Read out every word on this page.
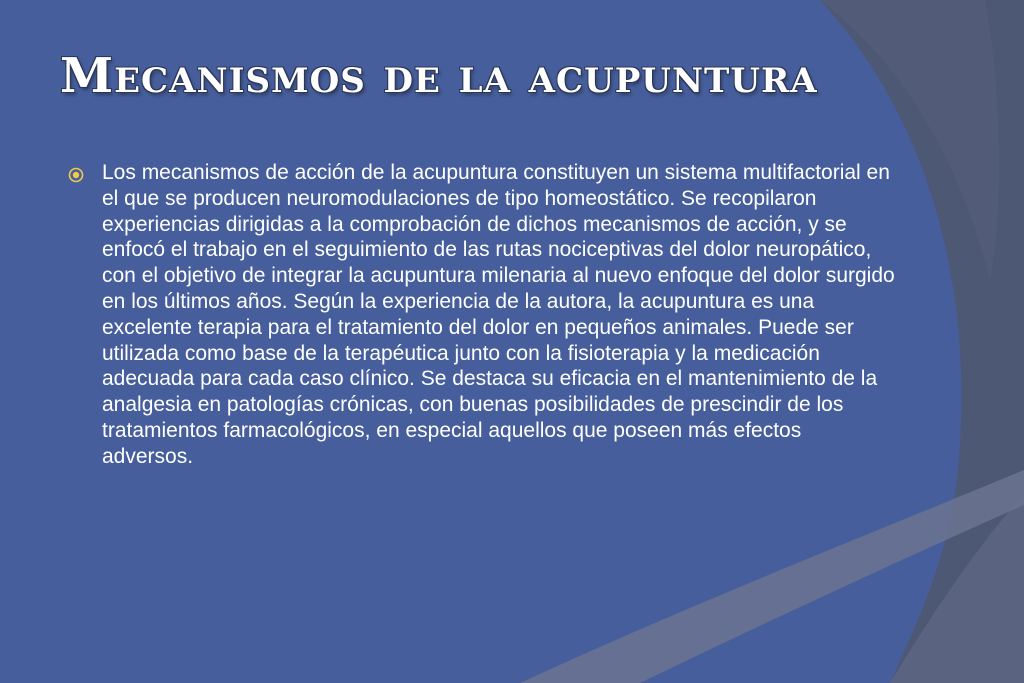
Mecanismos de la acupuntura

Los mecanismos de acción de la acupuntura constituyen un sistema multifactorial en el que se producen neuromodulaciones de tipo homeostático. Se recopilaron experiencias dirigidas a la comprobación de dichos mecanismos de acción, y se enfocó el trabajo en el seguimiento de las rutas nociceptivas del dolor neuropático, con el objetivo de integrar la acupuntura milenaria al nuevo enfoque del dolor surgido en los últimos años. Según la experiencia de la autora, la acupuntura es una excelente terapia para el tratamiento del dolor en pequeños animales. Puede ser utilizada como base de la terapéutica junto con la fisioterapia y la medicación adecuada para cada caso clínico. Se destaca su eficacia en el mantenimiento de la analgesia en patologías crónicas, con buenas posibilidades de prescindir de los tratamientos farmacológicos, en especial aquellos que poseen más efectos adversos.
